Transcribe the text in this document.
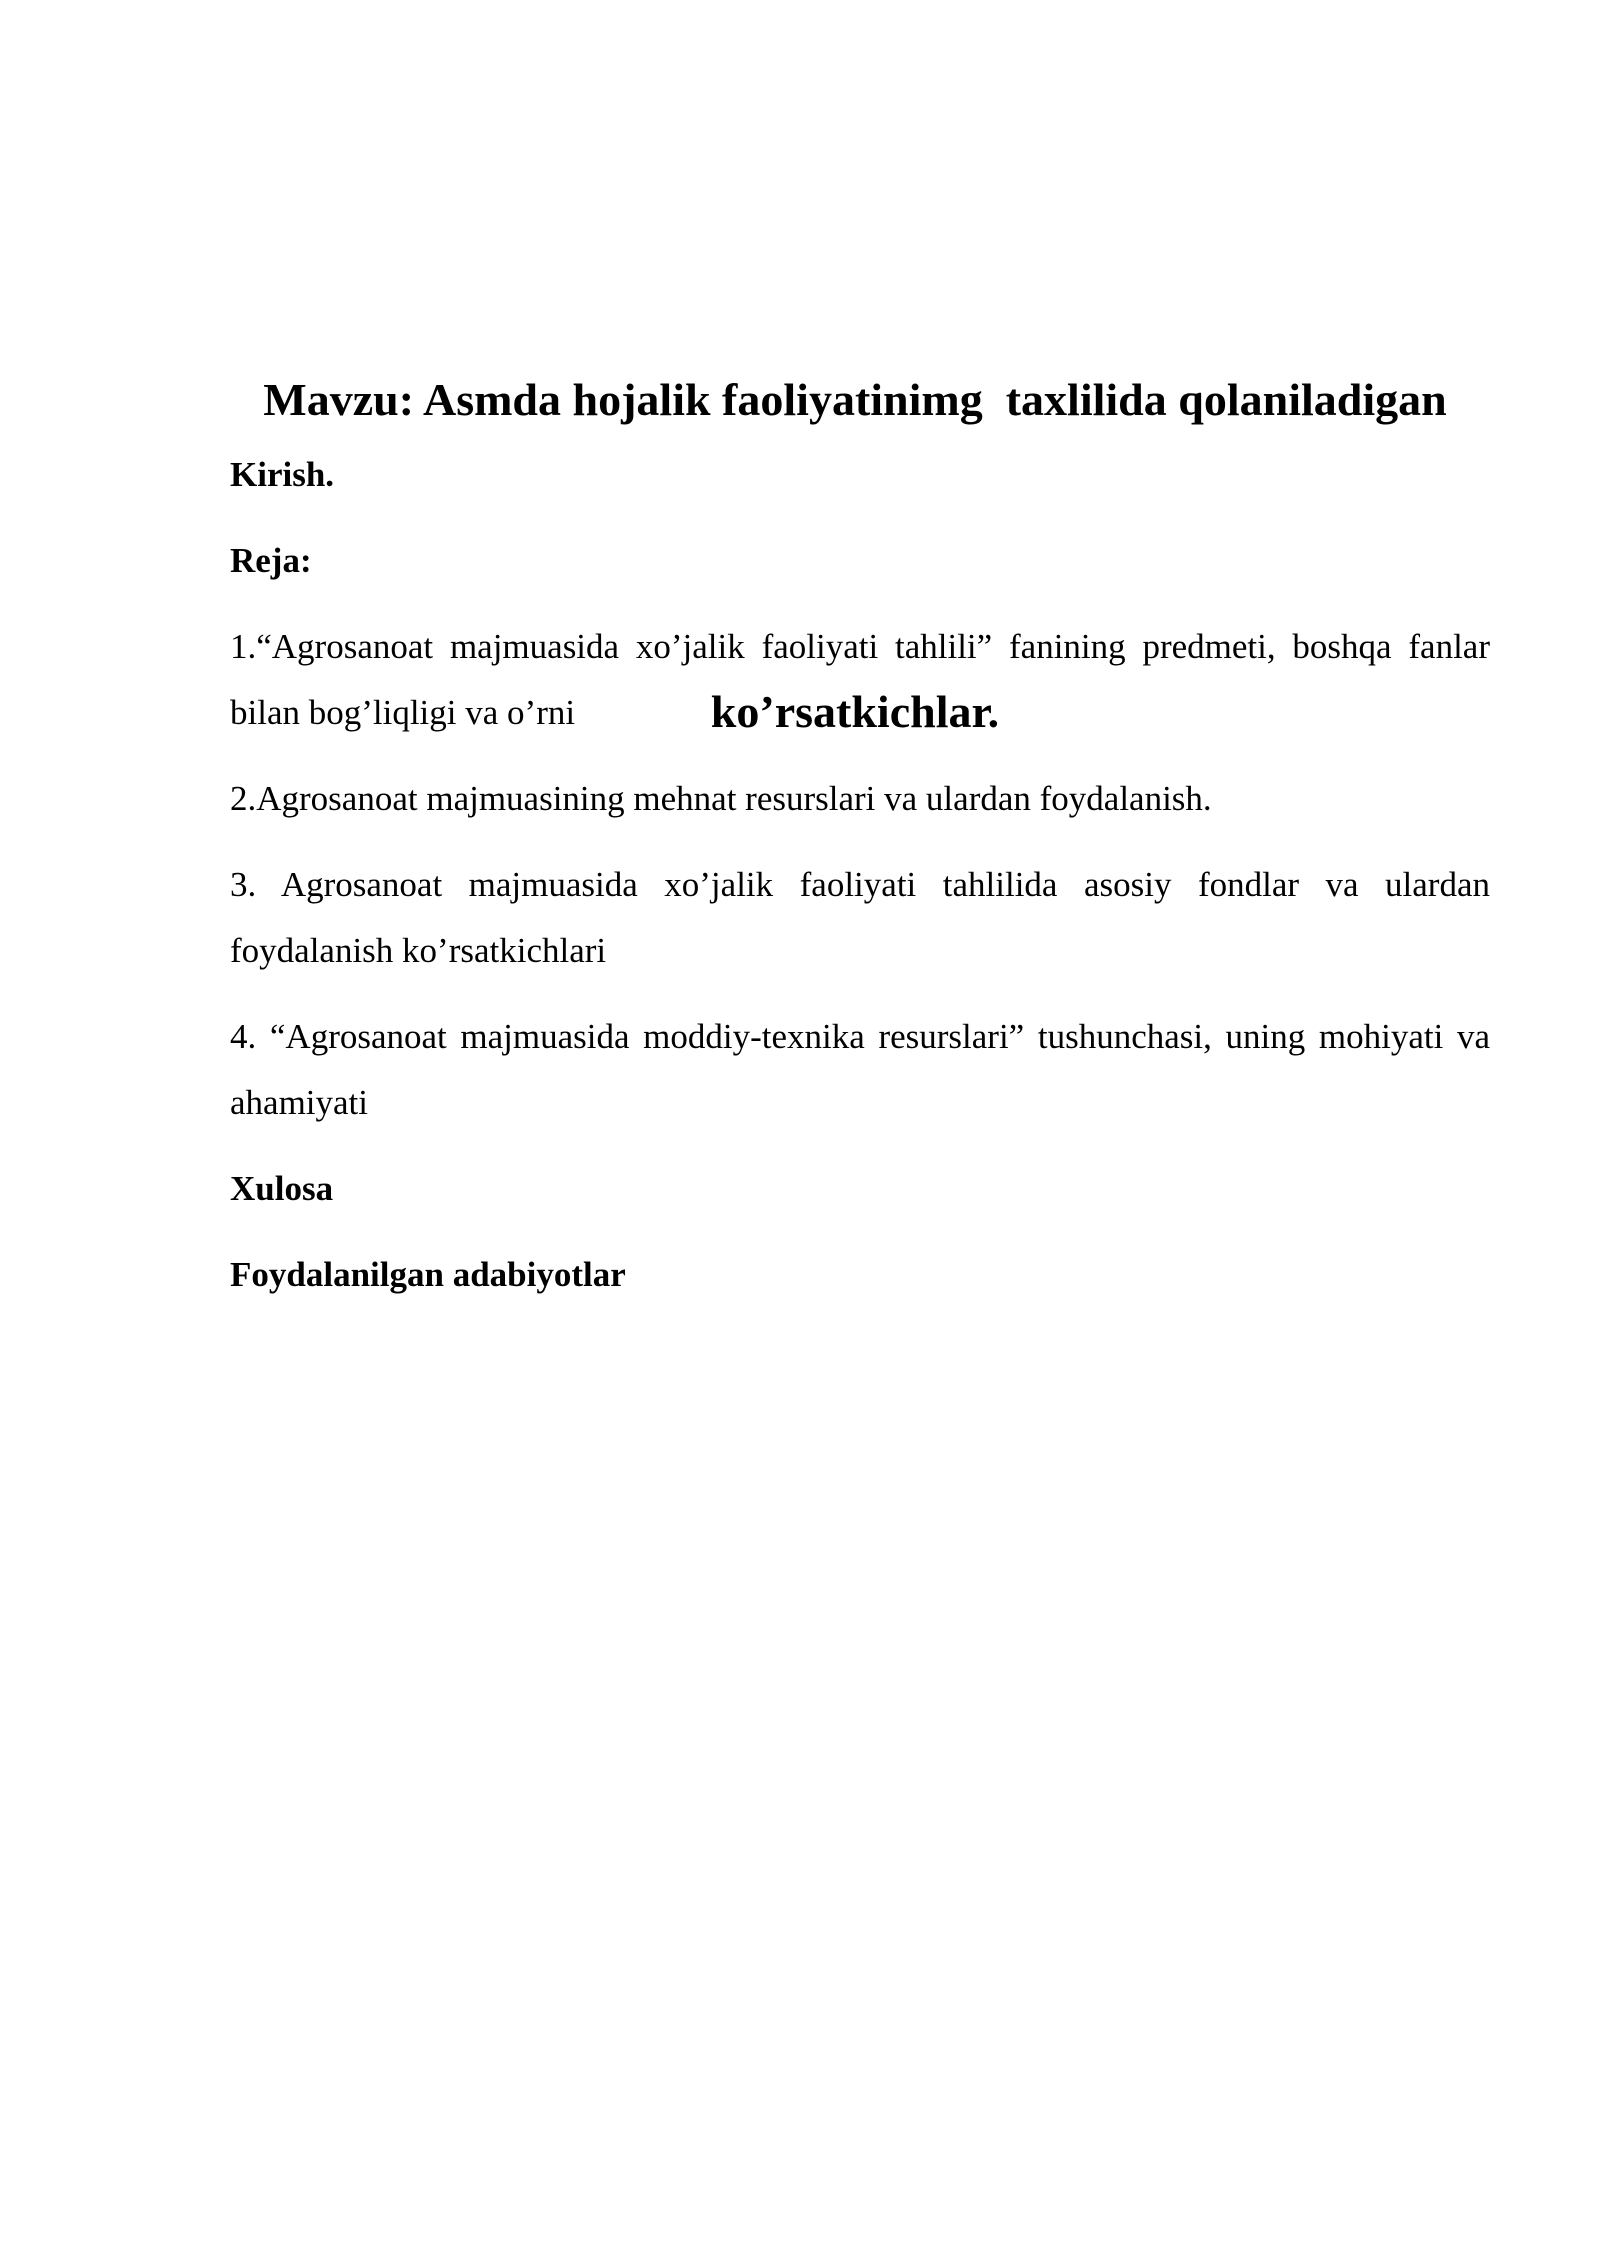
Mavzu: Asmda hojalik faoliyatinimg  taxlilida qolaniladigan

ko’rsatkichlar.

Kirish.

Reja:

1.“Agrosanoat majmuasida xo’jalik faoliyati tahlili” fanining predmeti, boshqa fanlar bilan bog’liqligi va o’rni

2.Agrosanoat majmuasining mehnat resurslari va ulardan foydalanish.

3. Agrosanoat majmuasida xo’jalik faoliyati tahlilida asosiy fondlar va ulardan foydalanish ko’rsatkichlari

4. “Agrosanoat majmuasida moddiy-texnika resurslari” tushunchasi, uning mohiyati va ahamiyati

Xulosa

Foydalanilgan adabiyotlar
